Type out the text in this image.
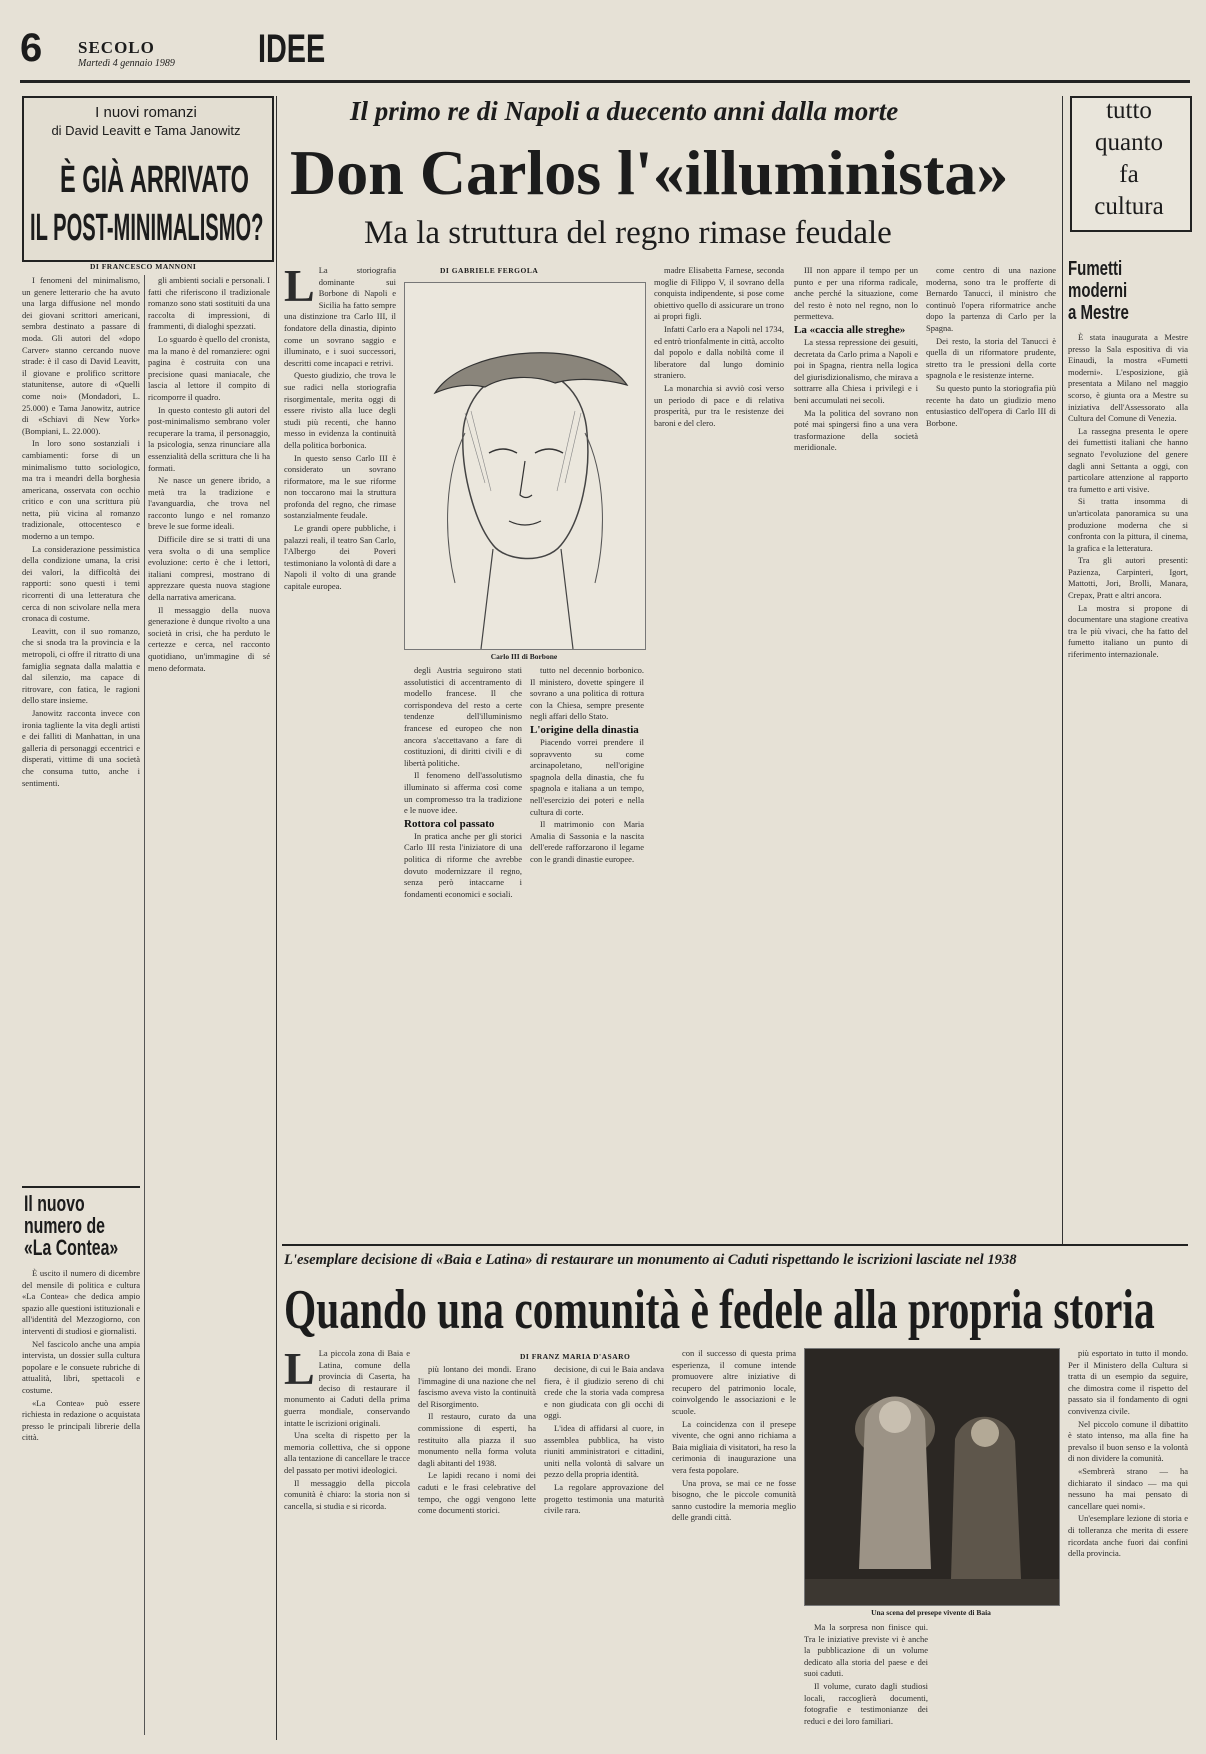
6 SECOLO
Martedì 4 gennaio 1989 IDEE
I nuovi romanzi
di David Leavitt e Tama Janowitz
È GIÀ ARRIVATO
IL POST-MINIMALISMO?
DI FRANCESCO MANNONI

I fenomeni del minimalismo, un genere letterario che ha avuto una larga diffusione nel mondo dei giovani scrittori americani, sembra destinato a passare di moda. Gli autori del «dopo Carver» stanno cercando nuove strade: è il caso di David Leavitt, il giovane e prolifico scrittore statunitense, autore di «Quelli come noi» (Mondadori, L. 25.000) e Tama Janowitz, autrice di «Schiavi di New York» (Bompiani, L. 22.000).

In loro sono sostanziali i cambiamenti: forse di un minimalismo tutto sociologico, ma tra i meandri della borghesia americana, osservata con occhio critico e con una scrittura più netta, più vicina al romanzo tradizionale, ottocentesco e moderno a un tempo.

La considerazione pessimistica della condizione umana, la crisi dei valori, la difficoltà dei rapporti: sono questi i temi ricorrenti di una letteratura che cerca di non scivolare nella mera cronaca di costume.

Leavitt, con il suo romanzo, che si snoda tra la provincia e la metropoli, ci offre il ritratto di una famiglia segnata dalla malattia e dal silenzio, ma capace di ritrovare, con fatica, le ragioni dello stare insieme.

Janowitz racconta invece con ironia tagliente la vita degli artisti e dei falliti di Manhattan, in una galleria di personaggi eccentrici e disperati, vittime di una società che consuma tutto, anche i sentimenti.

gli ambienti sociali e personali. I fatti che riferiscono il tradizionale romanzo sono stati sostituiti da una raccolta di impressioni, di frammenti, di dialoghi spezzati.

Lo sguardo è quello del cronista, ma la mano è del romanziere: ogni pagina è costruita con una precisione quasi maniacale, che lascia al lettore il compito di ricomporre il quadro.

In questo contesto gli autori del post-minimalismo sembrano voler recuperare la trama, il personaggio, la psicologia, senza rinunciare alla essenzialità della scrittura che li ha formati.

Ne nasce un genere ibrido, a metà tra la tradizione e l'avanguardia, che trova nel racconto lungo e nel romanzo breve le sue forme ideali.

Difficile dire se si tratti di una vera svolta o di una semplice evoluzione: certo è che i lettori, italiani compresi, mostrano di apprezzare questa nuova stagione della narrativa americana.

Il messaggio della nuova generazione è dunque rivolto a una società in crisi, che ha perduto le certezze e cerca, nel racconto quotidiano, un'immagine di sé meno deformata.

Il nuovo
numero de
«La Contea»

È uscito il numero di dicembre del mensile di politica e cultura «La Contea» che dedica ampio spazio alle questioni istituzionali e all'identità del Mezzogiorno, con interventi di studiosi e giornalisti.

Nel fascicolo anche una ampia intervista, un dossier sulla cultura popolare e le consuete rubriche di attualità, libri, spettacoli e costume.

«La Contea» può essere richiesta in redazione o acquistata presso le principali librerie della città.

Il primo re di Napoli a duecento anni dalla morte
Don Carlos l'«illuminista»
Ma la struttura del regno rimase feudale

L La storiografia dominante sui Borbone di Napoli e Sicilia ha fatto sempre una distinzione tra Carlo III, il fondatore della dinastia, dipinto come un sovrano saggio e illuminato, e i suoi successori, descritti come incapaci e retrivi.

Questo giudizio, che trova le sue radici nella storiografia risorgimentale, merita oggi di essere rivisto alla luce degli studi più recenti, che hanno messo in evidenza la continuità della politica borbonica.

In questo senso Carlo III è considerato un sovrano riformatore, ma le sue riforme non toccarono mai la struttura profonda del regno, che rimase sostanzialmente feudale.

Le grandi opere pubbliche, i palazzi reali, il teatro San Carlo, l'Albergo dei Poveri testimoniano la volontà di dare a Napoli il volto di una grande capitale europea.

DI GABRIELE FERGOLA
Carlo III di Borbone

degli Austria seguirono stati assolutistici di accentramento di modello francese. Il che corrispondeva del resto a certe tendenze dell'illuminismo francese ed europeo che non ancora s'accettavano a fare di costituzioni, di diritti civili e di libertà politiche.

Il fenomeno dell'assolutismo illuminato si afferma così come un compromesso tra la tradizione e le nuove idee.

Rottora col passato

In pratica anche per gli storici Carlo III resta l'iniziatore di una politica di riforme che avrebbe dovuto modernizzare il regno, senza però intaccarne i fondamenti economici e sociali.

tutto nel decennio borbonico. Il ministero, dovette spingere il sovrano a una politica di rottura con la Chiesa, sempre presente negli affari dello Stato.

L'origine della dinastia

Piacendo vorrei prendere il sopravvento su come arcinapoletano, nell'origine spagnola della dinastia, che fu spagnola e italiana a un tempo, nell'esercizio dei poteri e nella cultura di corte.

Il matrimonio con Maria Amalia di Sassonia e la nascita dell'erede rafforzarono il legame con le grandi dinastie europee.

madre Elisabetta Farnese, seconda moglie di Filippo V, il sovrano della conquista indipendente, si pose come obiettivo quello di assicurare un trono ai propri figli.

Infatti Carlo era a Napoli nel 1734, ed entrò trionfalmente in città, accolto dal popolo e dalla nobiltà come il liberatore dal lungo dominio straniero.

La monarchia si avviò così verso un periodo di pace e di relativa prosperità, pur tra le resistenze dei baroni e del clero.

III non appare il tempo per un punto e per una riforma radicale, anche perché la situazione, come del resto è noto nel regno, non lo permetteva.

La «caccia alle streghe»

La stessa repressione dei gesuiti, decretata da Carlo prima a Napoli e poi in Spagna, rientra nella logica del giurisdizionalismo, che mirava a sottrarre alla Chiesa i privilegi e i beni accumulati nei secoli.

Ma la politica del sovrano non poté mai spingersi fino a una vera trasformazione della società meridionale.

come centro di una nazione moderna, sono tra le profferte di Bernardo Tanucci, il ministro che continuò l'opera riformatrice anche dopo la partenza di Carlo per la Spagna.

Dei resto, la storia del Tanucci è quella di un riformatore prudente, stretto tra le pressioni della corte spagnola e le resistenze interne.

Su questo punto la storiografia più recente ha dato un giudizio meno entusiastico dell'opera di Carlo III di Borbone.

tutto
quanto
fa
cultura
Fumetti
moderni
a Mestre

È stata inaugurata a Mestre presso la Sala espositiva di via Einaudi, la mostra «Fumetti moderni». L'esposizione, già presentata a Milano nel maggio scorso, è giunta ora a Mestre su iniziativa dell'Assessorato alla Cultura del Comune di Venezia.

La rassegna presenta le opere dei fumettisti italiani che hanno segnato l'evoluzione del genere dagli anni Settanta a oggi, con particolare attenzione al rapporto tra fumetto e arti visive.

Si tratta insomma di un'articolata panoramica su una produzione moderna che si confronta con la pittura, il cinema, la grafica e la letteratura.

Tra gli autori presenti: Pazienza, Carpinteri, Igort, Mattotti, Jori, Brolli, Manara, Crepax, Pratt e altri ancora.

La mostra si propone di documentare una stagione creativa tra le più vivaci, che ha fatto del fumetto italiano un punto di riferimento internazionale.

L'esemplare decisione di «Baia e Latina» di restaurare un monumento ai Caduti rispettando le iscrizioni lasciate nel 1938
Quando una comunità è fedele alla propria storia

L La piccola zona di Baia e Latina, comune della provincia di Caserta, ha deciso di restaurare il monumento ai Caduti della prima guerra mondiale, conservando intatte le iscrizioni originali.

Una scelta di rispetto per la memoria collettiva, che si oppone alla tentazione di cancellare le tracce del passato per motivi ideologici.

Il messaggio della piccola comunità è chiaro: la storia non si cancella, si studia e si ricorda.

DI FRANZ MARIA D'ASARO

più lontano dei mondi. Erano l'immagine di una nazione che nel fascismo aveva visto la continuità del Risorgimento.

Il restauro, curato da una commissione di esperti, ha restituito alla piazza il suo monumento nella forma voluta dagli abitanti del 1938.

Le lapidi recano i nomi dei caduti e le frasi celebrative del tempo, che oggi vengono lette come documenti storici.

decisione, di cui le Baia andava fiera, è il giudizio sereno di chi crede che la storia vada compresa e non giudicata con gli occhi di oggi.

L'idea di affidarsi al cuore, in assemblea pubblica, ha visto riuniti amministratori e cittadini, uniti nella volontà di salvare un pezzo della propria identità.

La regolare approvazione del progetto testimonia una maturità civile rara.

con il successo di questa prima esperienza, il comune intende promuovere altre iniziative di recupero del patrimonio locale, coinvolgendo le associazioni e le scuole.

La coincidenza con il presepe vivente, che ogni anno richiama a Baia migliaia di visitatori, ha reso la cerimonia di inaugurazione una vera festa popolare.

Una prova, se mai ce ne fosse bisogno, che le piccole comunità sanno custodire la memoria meglio delle grandi città.

Una scena del presepe vivente di Baia

Ma la sorpresa non finisce qui. Tra le iniziative previste vi è anche la pubblicazione di un volume dedicato alla storia del paese e dei suoi caduti.

Il volume, curato dagli studiosi locali, raccoglierà documenti, fotografie e testimonianze dei reduci e dei loro familiari.

più esportato in tutto il mondo. Per il Ministero della Cultura si tratta di un esempio da seguire, che dimostra come il rispetto del passato sia il fondamento di ogni convivenza civile.

Nel piccolo comune il dibattito è stato intenso, ma alla fine ha prevalso il buon senso e la volontà di non dividere la comunità.

«Sembrerà strano — ha dichiarato il sindaco — ma qui nessuno ha mai pensato di cancellare quei nomi».

Un'esemplare lezione di storia e di tolleranza che merita di essere ricordata anche fuori dai confini della provincia.
